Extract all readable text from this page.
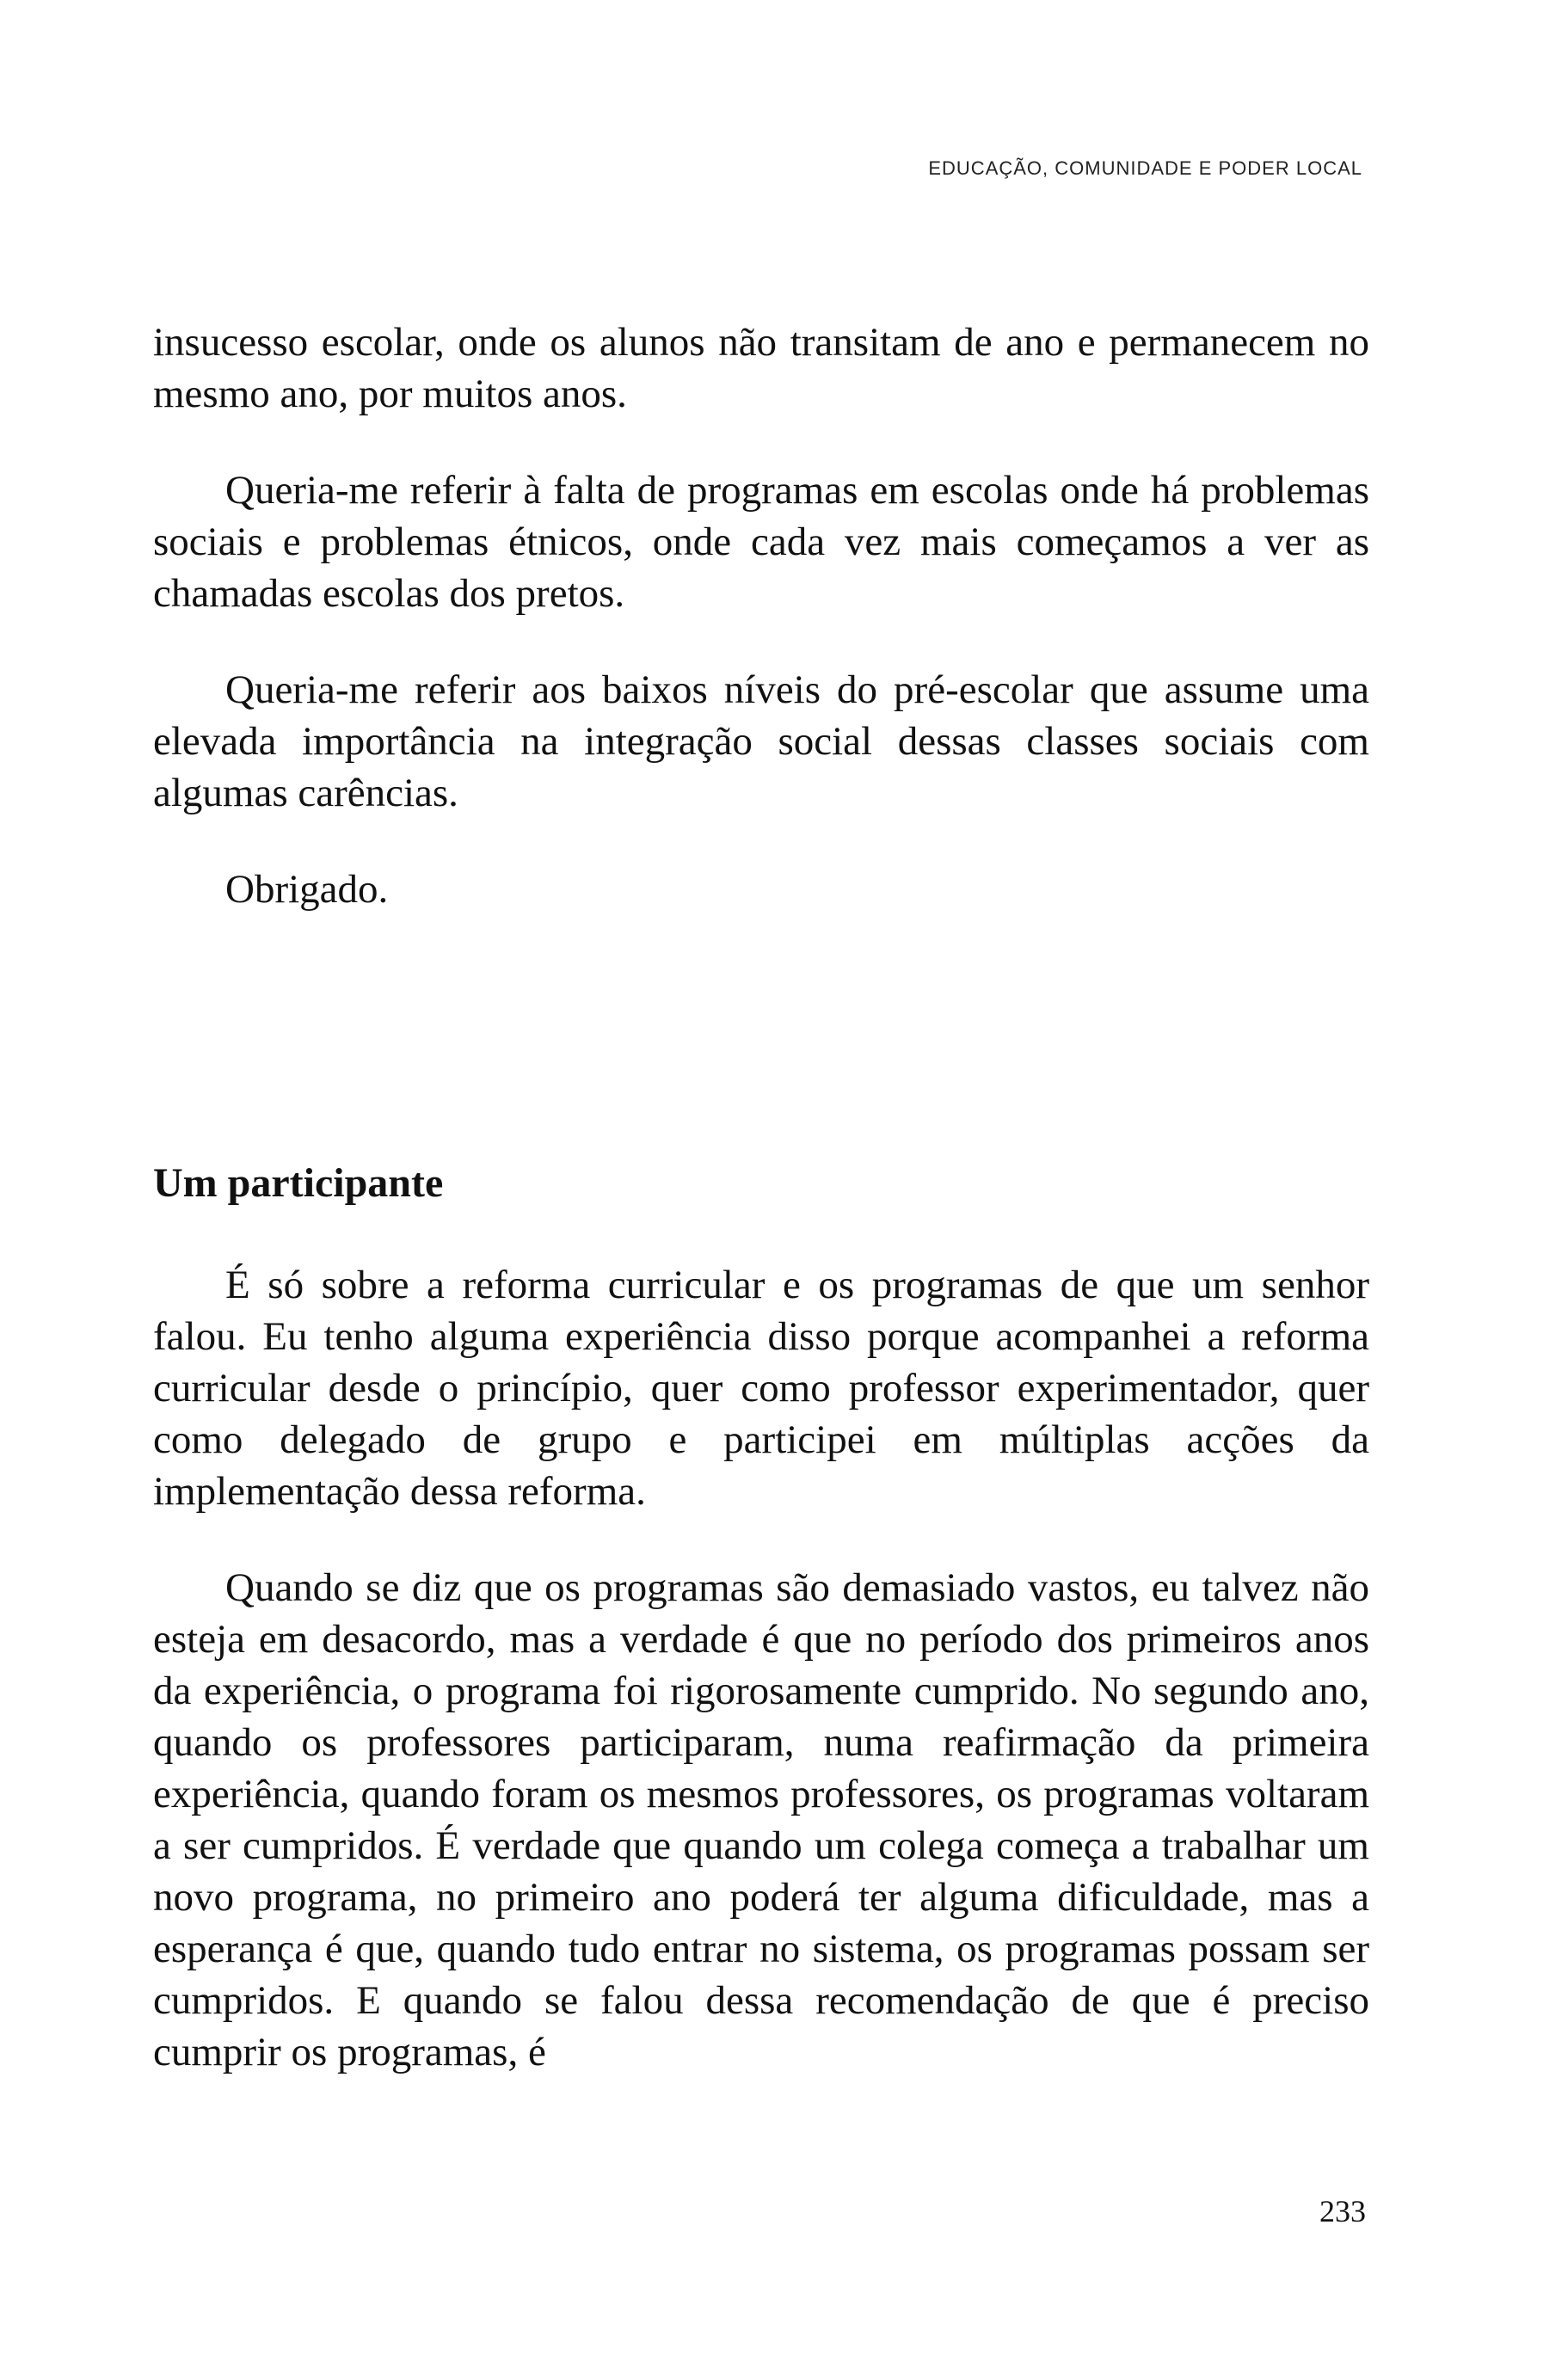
EDUCAÇÃO, COMUNIDADE E PODER LOCAL

insucesso escolar, onde os alunos não transitam de ano e permanecem no mesmo ano, por muitos anos.

Queria-me referir à falta de programas em escolas onde há problemas sociais e problemas étnicos, onde cada vez mais começamos a ver as chamadas escolas dos pretos.

Queria-me referir aos baixos níveis do pré-escolar que assume uma elevada importância na integração social dessas classes sociais com algumas carências.

Obrigado.

Um participante

É só sobre a reforma curricular e os programas de que um senhor falou. Eu tenho alguma experiência disso porque acompanhei a reforma curricular desde o princípio, quer como professor experimentador, quer como delegado de grupo e participei em múltiplas acções da implementação dessa reforma.

Quando se diz que os programas são demasiado vastos, eu talvez não esteja em desacordo, mas a verdade é que no período dos primeiros anos da experiência, o programa foi rigorosamente cumprido. No segundo ano, quando os professores participaram, numa reafirmação da primeira experiência, quando foram os mesmos professores, os programas voltaram a ser cumpridos. É verdade que quando um colega começa a trabalhar um novo programa, no primeiro ano poderá ter alguma dificuldade, mas a esperança é que, quando tudo entrar no sistema, os programas possam ser cumpridos. E quando se falou dessa recomendação de que é preciso cumprir os programas, é

233
